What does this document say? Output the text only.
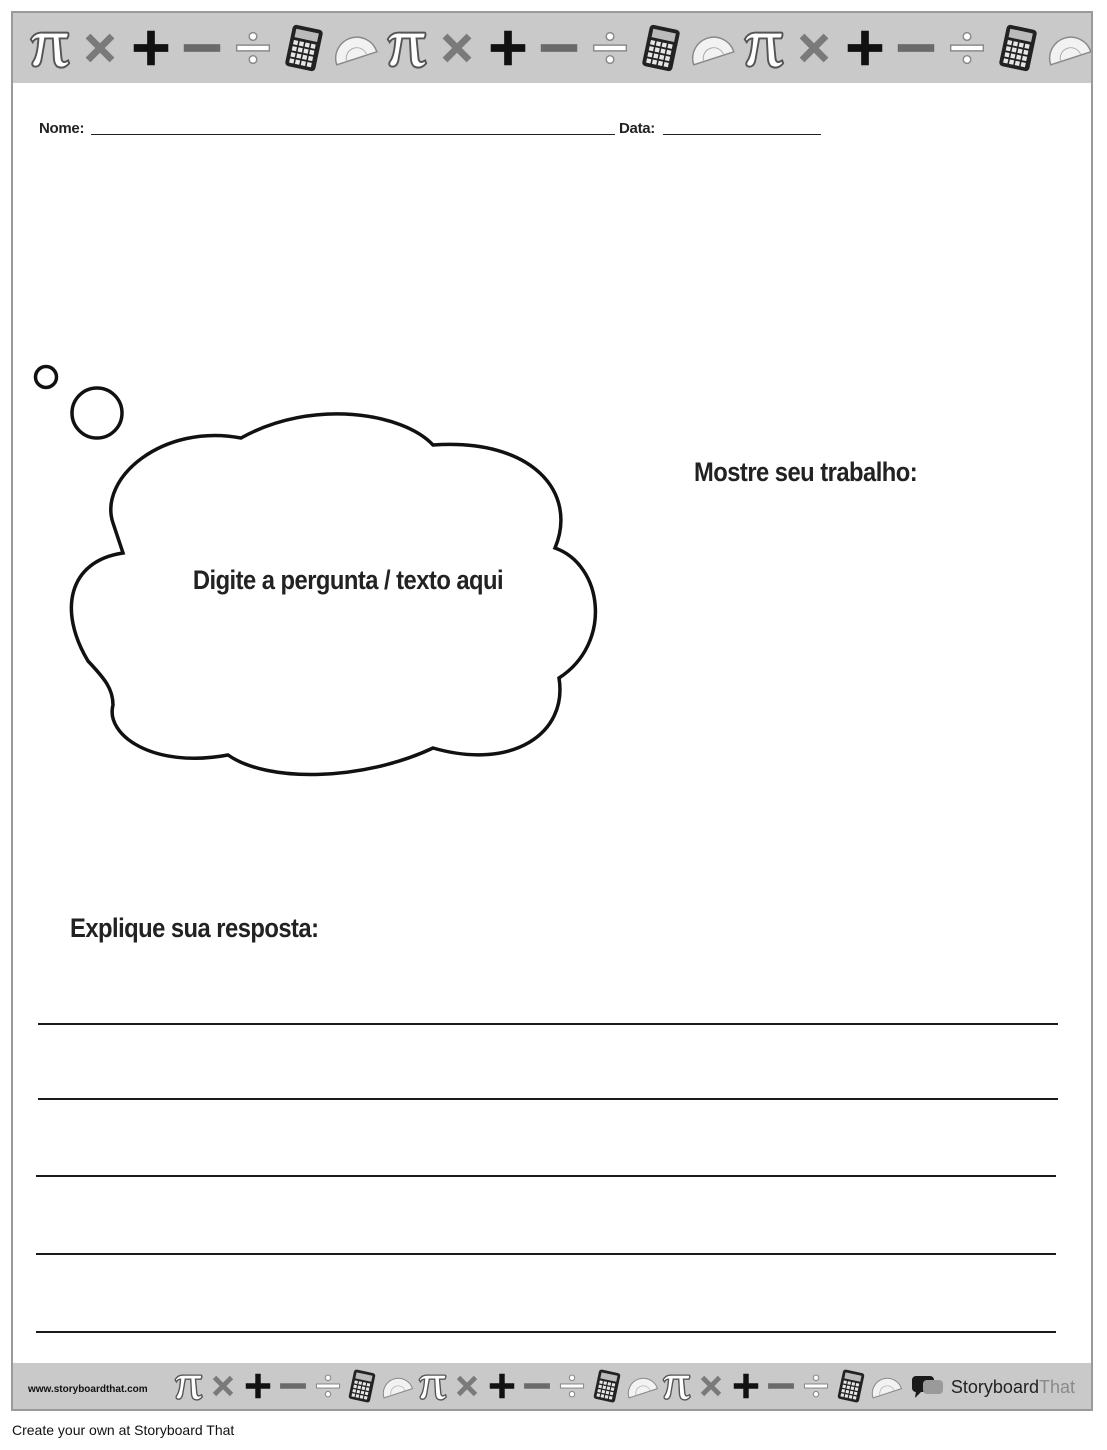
Nome:	Data:
Digite a pergunta / texto aqui
Mostre seu trabalho:
Explique sua resposta:
www.storyboardthat.com	Storyboard That
Create your own at Storyboard That
